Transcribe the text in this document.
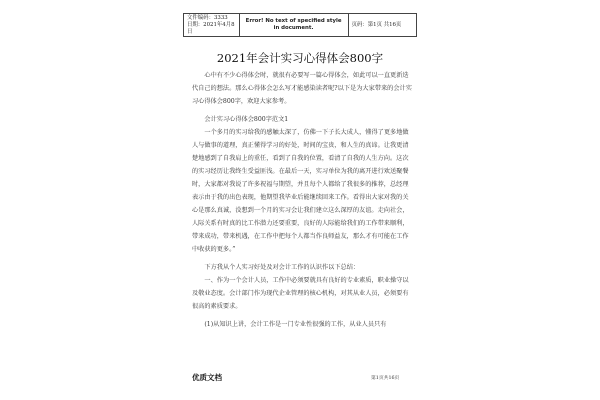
文件编码：3333
日期：2021年4月8日
Error! No text of specified style in document.
页码：第1页 共16页
2021年会计实习心得体会800字

心中有不少心得体会时，就很有必要写一篇心得体会，如此可以一直更新迭代自己的想法。那么心得体会怎么写才能感染读者呢?以下是为大家带来的会计实习心得体会800字，欢迎大家参考。

会计实习心得体会800字范文1

一个多月的实习给我的感触太深了，仿佛一下子长大成人，懂得了更多地做人与做事的道理，真正懂得学习的好处，时间的宝贵，和人生的真谛。让我更清楚地感到了自我肩上的重任，看到了自我的位置，看清了自我的人生方向。这次的实习经历让我终生受益匪浅。在最后一天，实习单位为我的离开进行欢送聚餐时，大家都对我说了许多祝福与期望，并且每个人都给了我很多的推荐，总经理表示由于我的出色表现，他期望我毕业后能继续回来工作。看得出大家对我的关心是那么真诚，没想到一个月的实习会让我们建立这么深厚的友谊。走向社会，人际关系有时真的比工作潜力还要重要，良好的人际能给我们的工作带来顺利，带来成功，带来机遇，在工作中把每个人都当作良师益友，那么才有可能在工作中收获的更多。”

下方我从个人实习好处及对会计工作的认识作以下总结：

一、作为一个会计人员，工作中必须要就具有良好的专业素质，职业操守以及敬业态度。会计部门作为现代企业管理的核心机构，对其从业人员，必须要有很高的素质要求。

(1)从知识上讲，会计工作是一门专业性很强的工作，从业人员只有

优质文档	第1页共16页
